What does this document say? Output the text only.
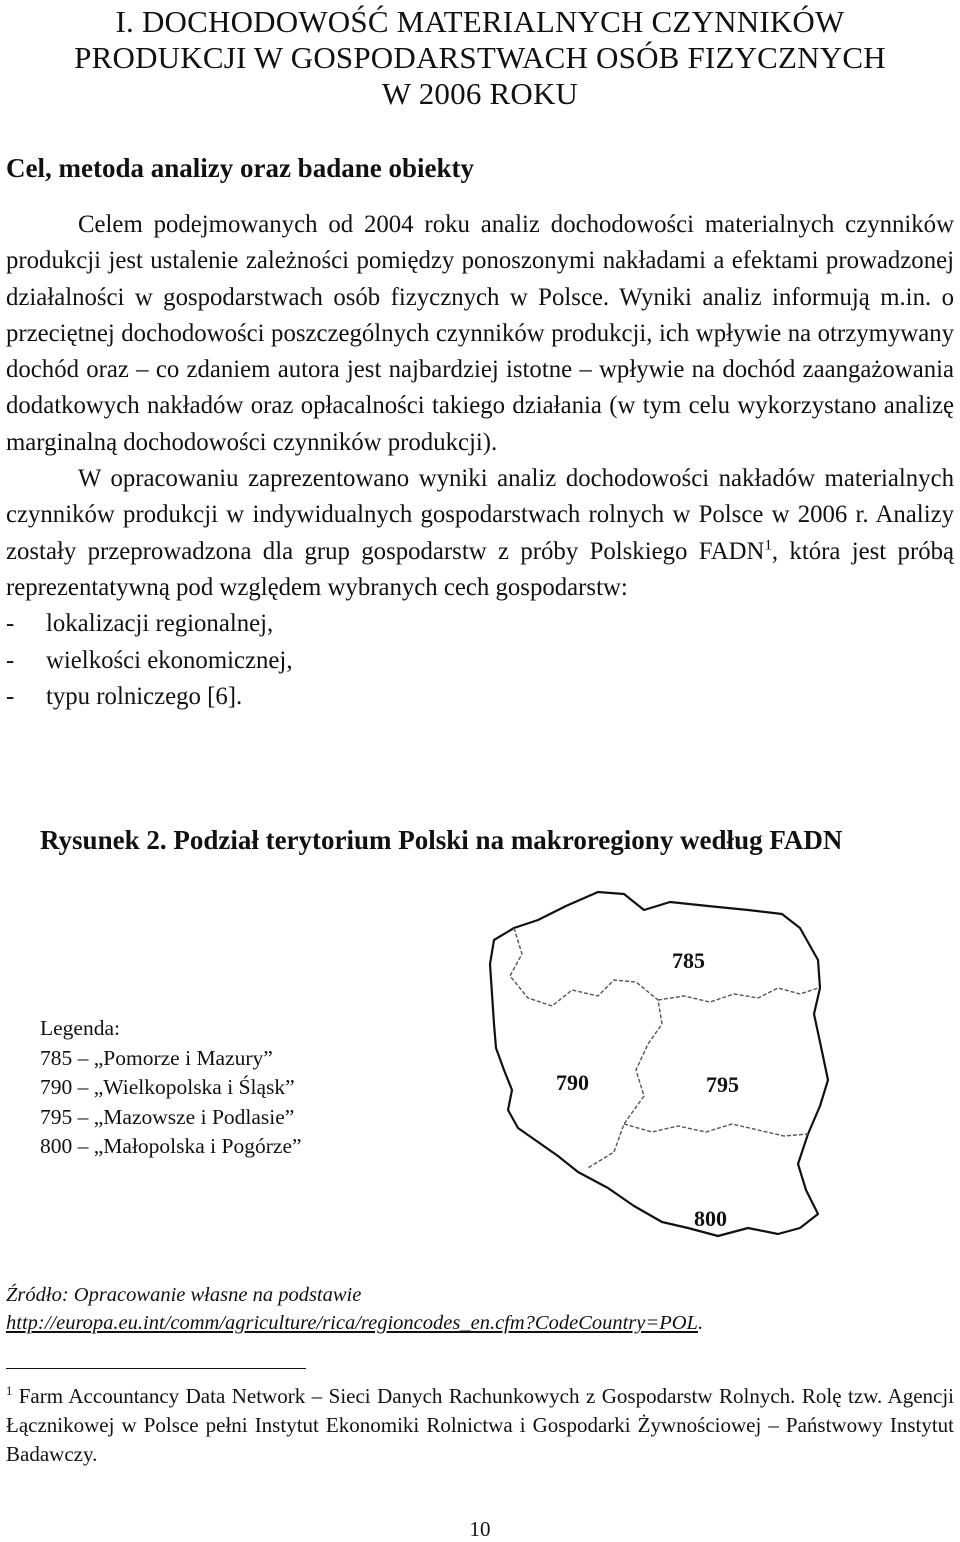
I. DOCHODOWOŚĆ MATERIALNYCH CZYNNIKÓW
PRODUKCJI W GOSPODARSTWACH OSÓB FIZYCZNYCH
W 2006 ROKU
Cel, metoda analizy oraz badane obiekty

Celem podejmowanych od 2004 roku analiz dochodowości materialnych czynników produkcji jest ustalenie zależności pomiędzy ponoszonymi nakładami a efektami prowadzonej działalności w gospodarstwach osób fizycznych w Polsce. Wyniki analiz informują m.in. o przeciętnej dochodowości poszczególnych czynników produkcji, ich wpływie na otrzymywany dochód oraz – co zdaniem autora jest najbardziej istotne – wpływie na dochód zaangażowania dodatkowych nakładów oraz opłacalności takiego działania (w tym celu wykorzystano analizę marginalną dochodowości czynników produkcji).

W opracowaniu zaprezentowano wyniki analiz dochodowości nakładów materialnych czynników produkcji w indywidualnych gospodarstwach rolnych w Polsce w 2006 r. Analizy zostały przeprowadzona dla grup gospodarstw z próby Polskiego FADN$^1$, która jest próbą reprezentatywną pod względem wybranych cech gospodarstw:

- lokalizacji regionalnej,
- wielkości ekonomicznej,
- typu rolniczego [6].
Rysunek 2. Podział terytorium Polski na makroregiony według FADN
785
790	795
800
Legenda:
785 – „Pomorze i Mazury”
790 – „Wielkopolska i Śląsk”
795 – „Mazowsze i Podlasie”
800 – „Małopolska i Pogórze”
Źródło: Opracowanie własne na podstawie
http://europa.eu.int/comm/agriculture/rica/regioncodes_en.cfm?CodeCountry=POL.
$^1$ Farm Accountancy Data Network – Sieci Danych Rachunkowych z Gospodarstw Rolnych. Rolę tzw. Agencji Łącznikowej w Polsce pełni Instytut Ekonomiki Rolnictwa i Gospodarki Żywnościowej – Państwowy Instytut Badawczy.
10
